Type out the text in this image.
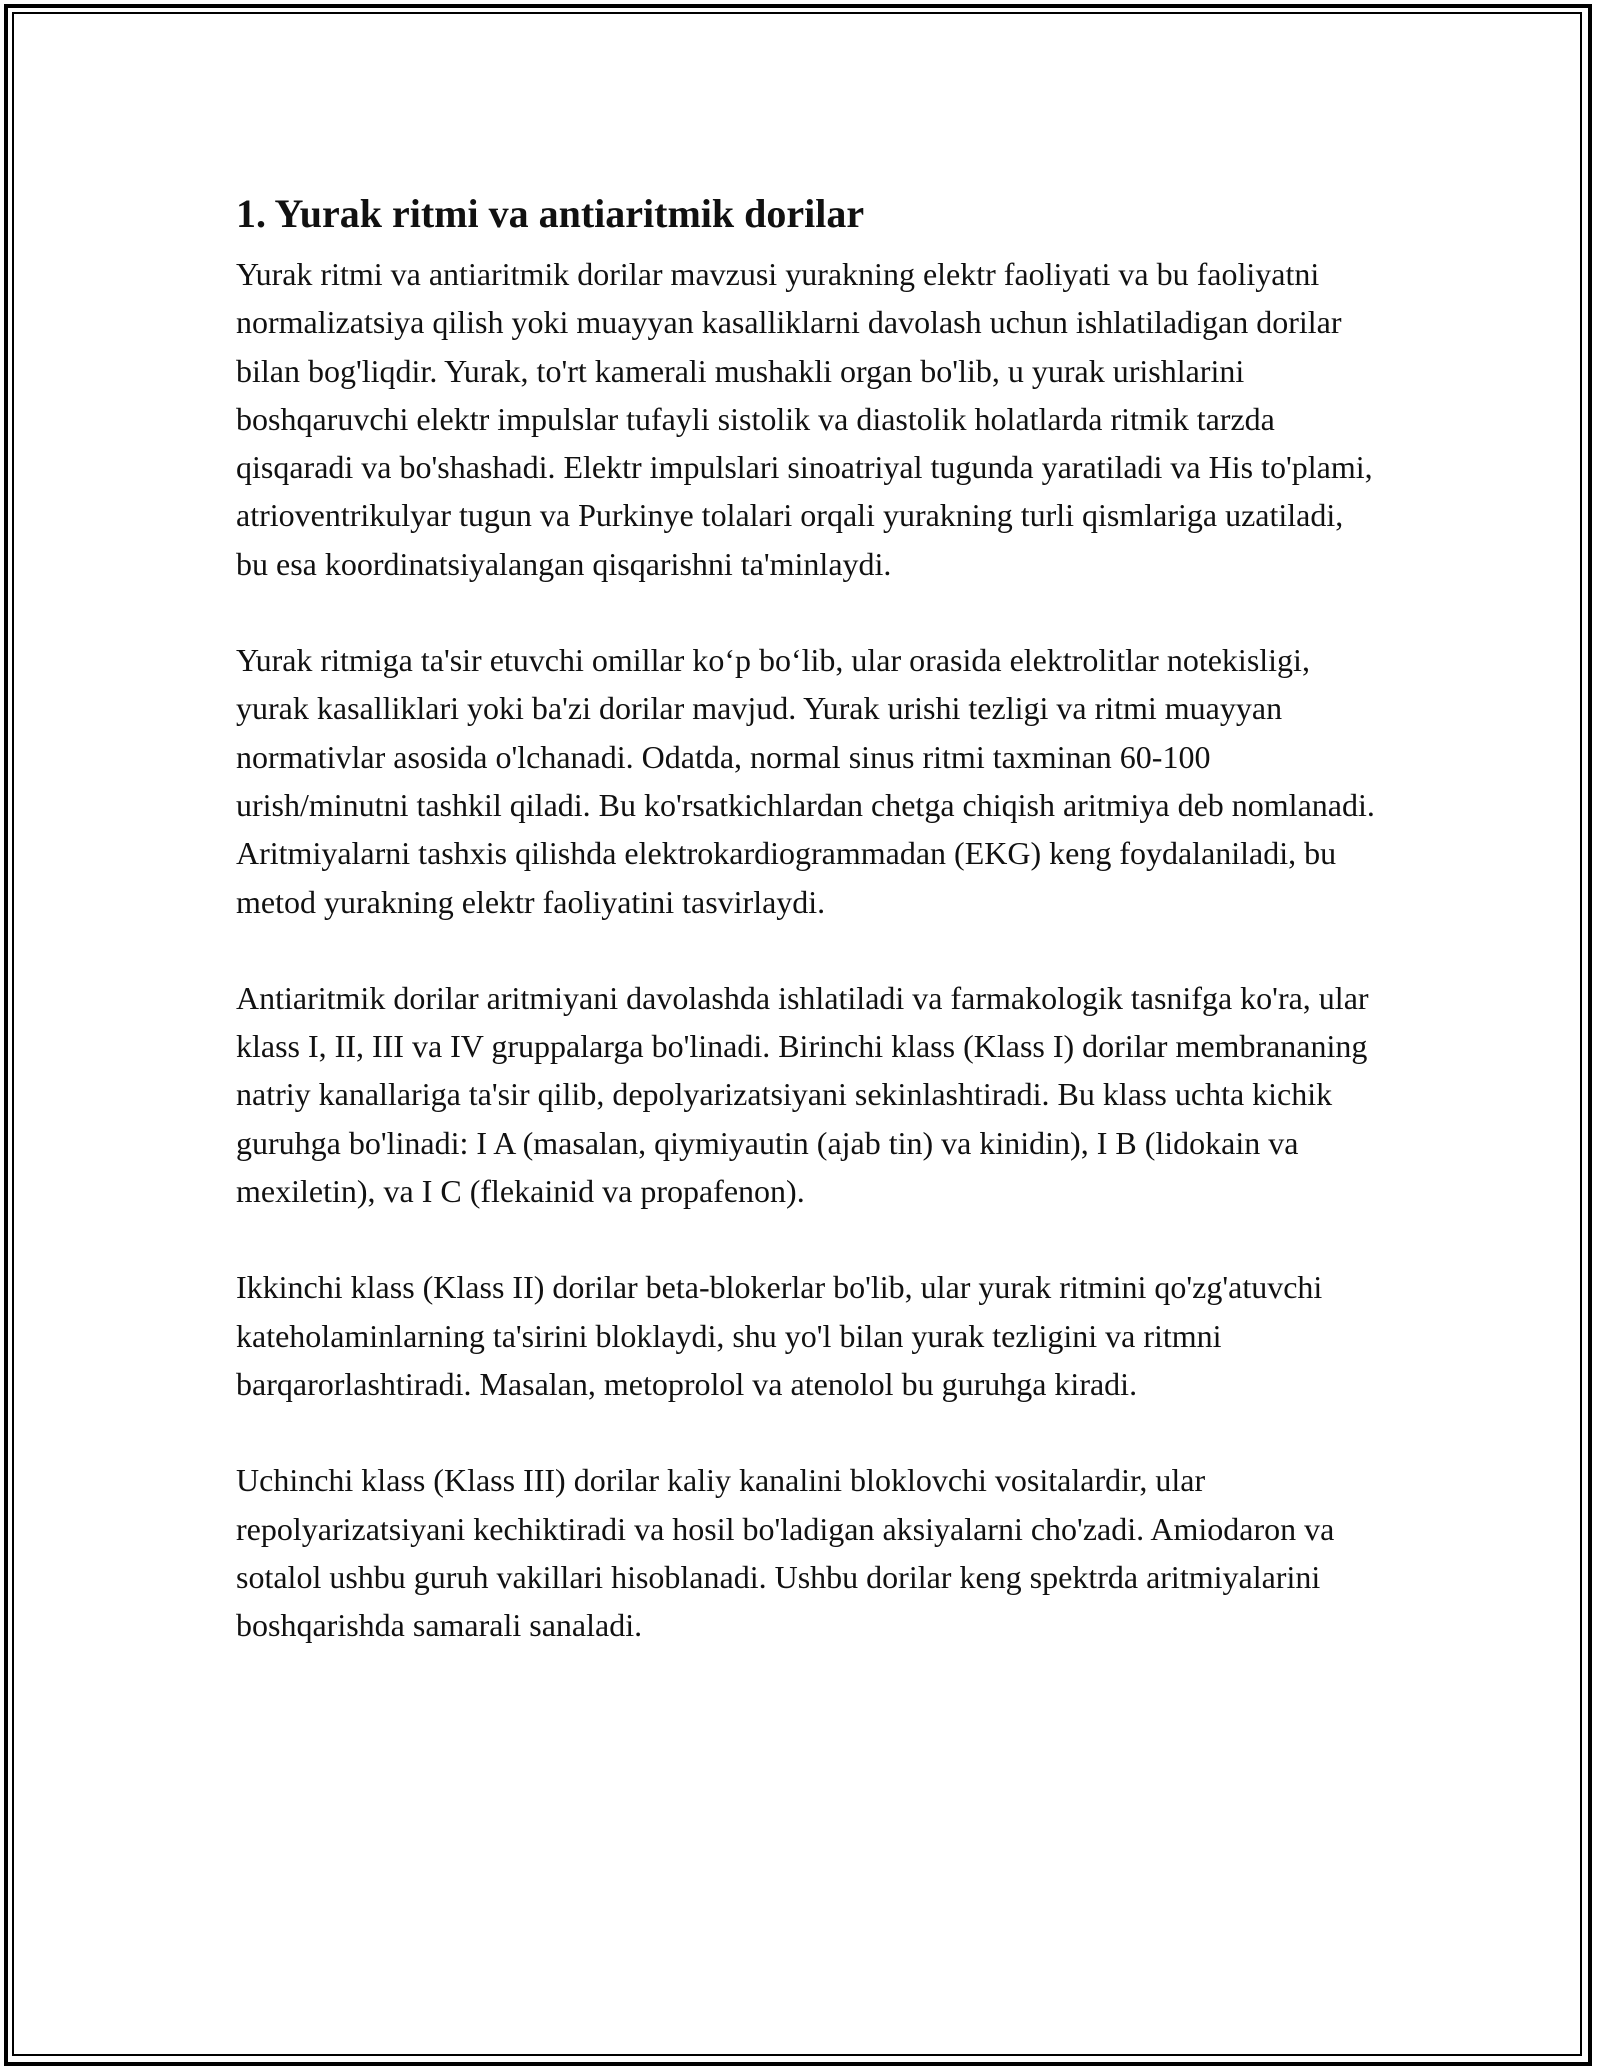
1. Yurak ritmi va antiaritmik dorilar

Yurak ritmi va antiaritmik dorilar mavzusi yurakning elektr faoliyati va bu faoliyatni normalizatsiya qilish yoki muayyan kasalliklarni davolash uchun ishlatiladigan dorilar bilan bog'liqdir. Yurak, to'rt kamerali mushakli organ bo'lib, u yurak urishlarini boshqaruvchi elektr impulslar tufayli sistolik va diastolik holatlarda ritmik tarzda qisqaradi va bo'shashadi. Elektr impulslari sinoatriyal tugunda yaratiladi va His to'plami, atrioventrikulyar tugun va Purkinye tolalari orqali yurakning turli qismlariga uzatiladi, bu esa koordinatsiyalangan qisqarishni ta'minlaydi.

Yurak ritmiga ta'sir etuvchi omillar ko‘p bo‘lib, ular orasida elektrolitlar notekisligi, yurak kasalliklari yoki ba'zi dorilar mavjud. Yurak urishi tezligi va ritmi muayyan normativlar asosida o'lchanadi. Odatda, normal sinus ritmi taxminan 60-100 urish/minutni tashkil qiladi. Bu ko'rsatkichlardan chetga chiqish aritmiya deb nomlanadi. Aritmiyalarni tashxis qilishda elektrokardiogrammadan (EKG) keng foydalaniladi, bu metod yurakning elektr faoliyatini tasvirlaydi.

Antiaritmik dorilar aritmiyani davolashda ishlatiladi va farmakologik tasnifga ko'ra, ular klass I, II, III va IV gruppalarga bo'linadi. Birinchi klass (Klass I) dorilar membrananing natriy kanallariga ta'sir qilib, depolyarizatsiyani sekinlashtiradi. Bu klass uchta kichik guruhga bo'linadi: I A (masalan, qiymiyautin (ajab tin) va kinidin), I B (lidokain va mexiletin), va I C (flekainid va propafenon).

Ikkinchi klass (Klass II) dorilar beta-blokerlar bo'lib, ular yurak ritmini qo'zg'atuvchi kateholaminlarning ta'sirini bloklaydi, shu yo'l bilan yurak tezligini va ritmni barqarorlashtiradi. Masalan, metoprolol va atenolol bu guruhga kiradi.

Uchinchi klass (Klass III) dorilar kaliy kanalini bloklovchi vositalardir, ular repolyarizatsiyani kechiktiradi va hosil bo'ladigan aksiyalarni cho'zadi. Amiodaron va sotalol ushbu guruh vakillari hisoblanadi. Ushbu dorilar keng spektrda aritmiyalarini boshqarishda samarali sanaladi.
